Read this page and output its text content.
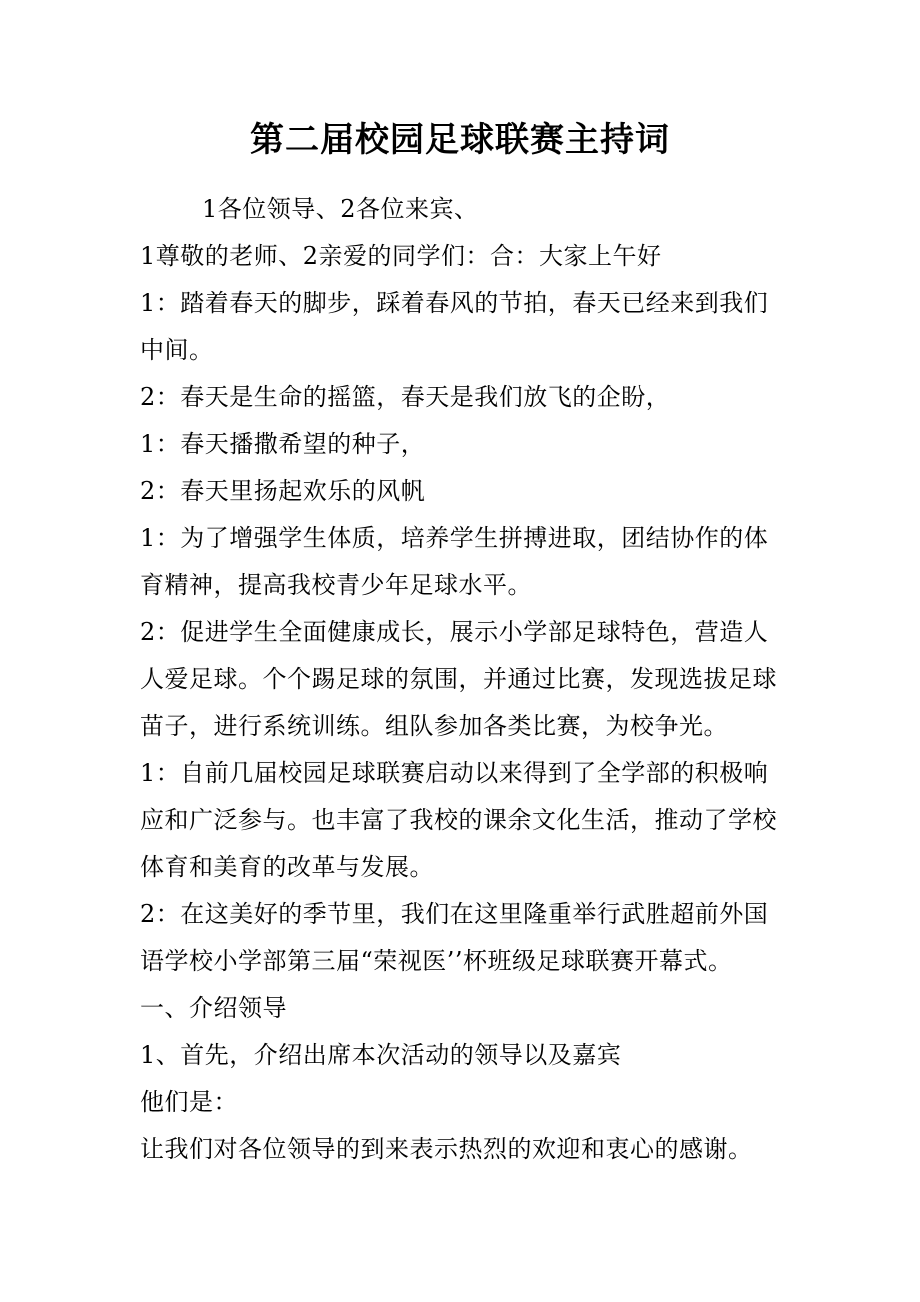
第二届校园足球联赛主持词

1各位领导、2各位来宾、

1尊敬的老师、2亲爱的同学们：合：大家上午好

1：踏着春天的脚步，踩着春风的节拍，春天已经来到我们中间。

2：春天是生命的摇篮，春天是我们放飞的企盼，

1：春天播撒希望的种子，

2：春天里扬起欢乐的风帆

1：为了增强学生体质，培养学生拼搏进取，团结协作的体育精神，提高我校青少年足球水平。

2：促进学生全面健康成长，展示小学部足球特色，营造人人爱足球。个个踢足球的氛围，并通过比赛，发现选拔足球苗子，进行系统训练。组队参加各类比赛，为校争光。

1：自前几届校园足球联赛启动以来得到了全学部的积极响应和广泛参与。也丰富了我校的课余文化生活，推动了学校体育和美育的改革与发展。

2：在这美好的季节里，我们在这里隆重举行武胜超前外国语学校小学部第三届“荣视医’’杯班级足球联赛开幕式。

一、介绍领导

1、首先，介绍出席本次活动的领导以及嘉宾

他们是：

让我们对各位领导的到来表示热烈的欢迎和衷心的感谢。
